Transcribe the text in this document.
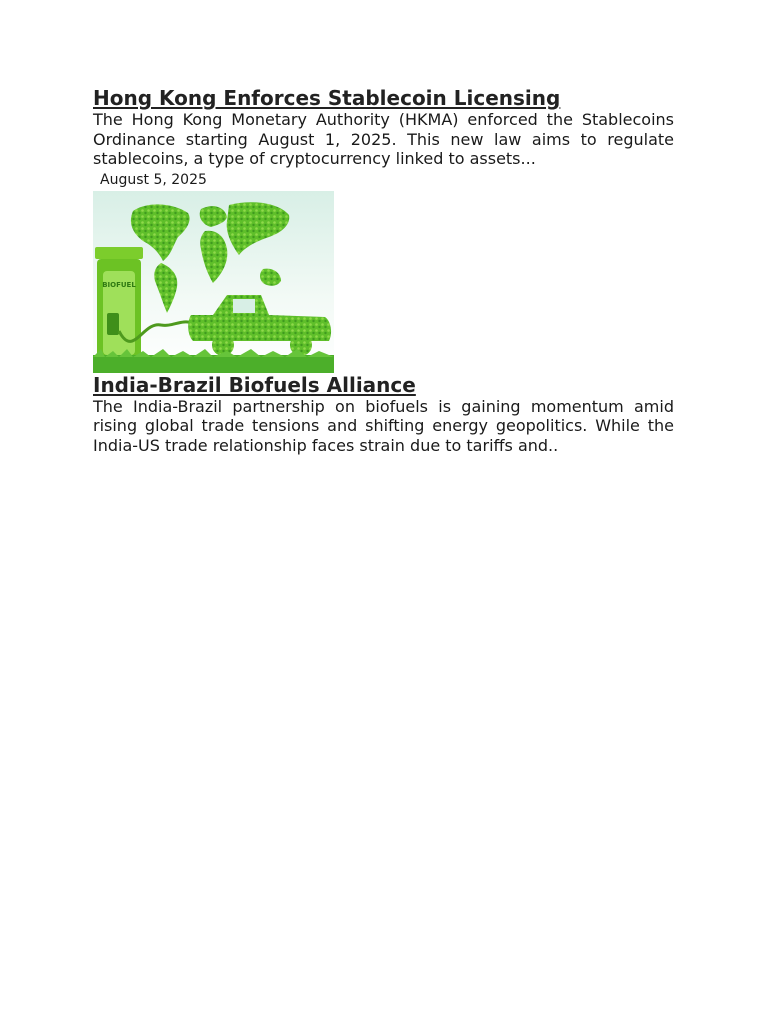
Hong Kong Enforces Stablecoin Licensing

The Hong Kong Monetary Authority (HKMA) enforced the Stablecoins Ordinance starting August 1, 2025. This new law aims to regulate stablecoins, a type of cryptocurrency linked to assets...

August 5, 2025
BIOFUEL
India-Brazil Biofuels Alliance

The India-Brazil partnership on biofuels is gaining momentum amid rising global trade tensions and shifting energy geopolitics. While the India-US trade relationship faces strain due to tariffs and..
